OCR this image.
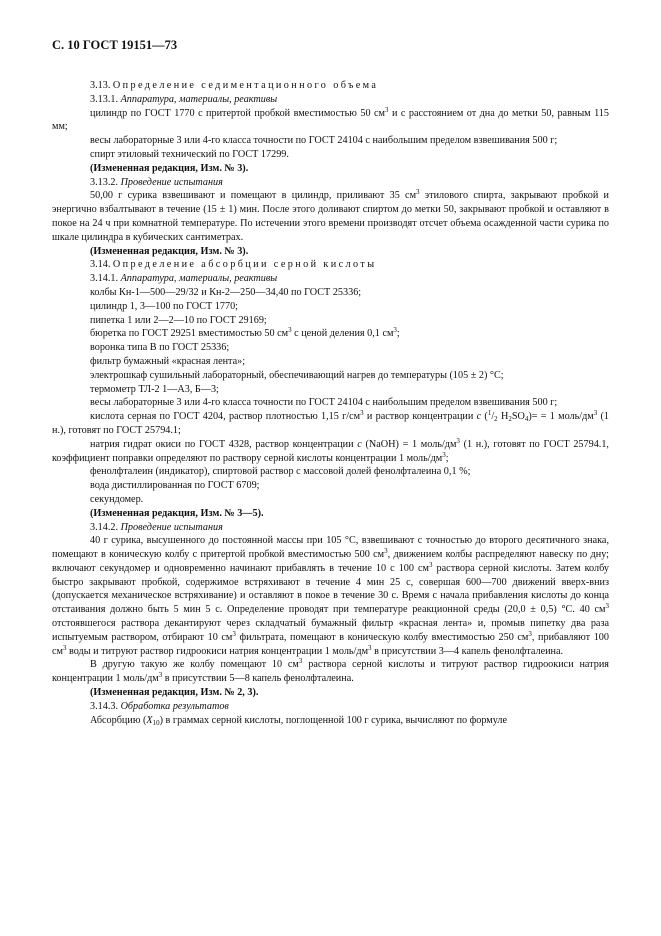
С. 10 ГОСТ 19151—73

3.13. Определение седиментационного объема

3.13.1. Аппаратура, материалы, реактивы

цилиндр по ГОСТ 1770 с притертой пробкой вместимостью 50 $см^3$ и с расстоянием от дна до метки 50, равным 115 мм;

весы лабораторные 3 или 4-го класса точности по ГОСТ 24104 с наибольшим пределом взвешивания 500 г;

спирт этиловый технический по ГОСТ 17299.

(Измененная редакция, Изм. № 3).

3.13.2. Проведение испытания

50,00 г сурика взвешивают и помещают в цилиндр, приливают 35 $см^3$ этилового спирта, закрывают пробкой и энергично взбалтывают в течение (15 ± 1) мин. После этого доливают спиртом до метки 50, закрывают пробкой и оставляют в покое на 24 ч при комнатной температуре. По истечении этого времени производят отсчет объема осажденной части сурика по шкале цилиндра в кубических сантиметрах.

(Измененная редакция, Изм. № 3).

3.14. Определение абсорбции серной кислоты

3.14.1. Аппаратура, материалы, реактивы

колбы Кн-1—500—29/32 и Кн-2—250—34,40 по ГОСТ 25336;

цилиндр 1, 3—100 по ГОСТ 1770;

пипетка 1 или 2—2—10 по ГОСТ 29169;

бюретка по ГОСТ 29251 вместимостью 50 $см^3$ с ценой деления 0,1 $см^3$;

воронка типа В по ГОСТ 25336;

фильтр бумажный «красная лента»;

электрошкаф сушильный лабораторный, обеспечивающий нагрев до температуры (105 ± 2) °С;

термометр ТЛ-2 1—А3, Б—3;

весы лабораторные 3 или 4-го класса точности по ГОСТ 24104 с наибольшим пределом взвешивания 500 г;

кислота серная по ГОСТ 4204, раствор плотностью 1,15 $г/см^3$ и раствор концентрации c ($^1/_2$ $H_2SO_4)= = 1$ моль/$дм^3$ (1 н.), готовят по ГОСТ 25794.1;

натрия гидрат окиси по ГОСТ 4328, раствор концентрации c (NaOH) = 1 моль/$дм^3$ (1 н.), готовят по ГОСТ 25794.1, коэффициент поправки определяют по раствору серной кислоты концентрации 1 моль/$дм^3$;

фенолфталеин (индикатор), спиртовой раствор с массовой долей фенолфталеина 0,1 %;

вода дистиллированная по ГОСТ 6709;

секундомер.

(Измененная редакция, Изм. № 3—5).

3.14.2. Проведение испытания

40 г сурика, высушенного до постоянной массы при 105 °С, взвешивают с точностью до второго десятичного знака, помещают в коническую колбу с притертой пробкой вместимостью 500 $см^3$, движением колбы распределяют навеску по дну; включают секундомер и одновременно начинают прибавлять в течение 10 с 100 $см^3$ раствора серной кислоты. Затем колбу быстро закрывают пробкой, содержимое встряхивают в течение 4 мин 25 с, совершая 600—700 движений вверх-вниз (допускается механическое встряхивание) и оставляют в покое в течение 30 с. Время с начала прибавления кислоты до конца отстаивания должно быть 5 мин 5 с. Определение проводят при температуре реакционной среды (20,0 ± 0,5) °С. 40 $см^3$ отстоявшегося раствора декантируют через складчатый бумажный фильтр «красная лента» и, промыв пипетку два раза испытуемым раствором, отбирают 10 $см^3$ фильтрата, помещают в коническую колбу вместимостью 250 $см^3$, прибавляют 100 $см^3$ воды и титруют раствор гидроокиси натрия концентрации 1 моль/$дм^3$ в присутствии 3—4 капель фенолфталеина.

В другую такую же колбу помещают 10 $см^3$ раствора серной кислоты и титруют раствор гидроокиси натрия концентрации 1 моль/$дм^3$ в присутствии 5—8 капель фенолфталеина.

(Измененная редакция, Изм. № 2, 3).

3.14.3. Обработка результатов

Абсорбцию $(X_{10})$ в граммах серной кислоты, поглощенной 100 г сурика, вычисляют по формуле
